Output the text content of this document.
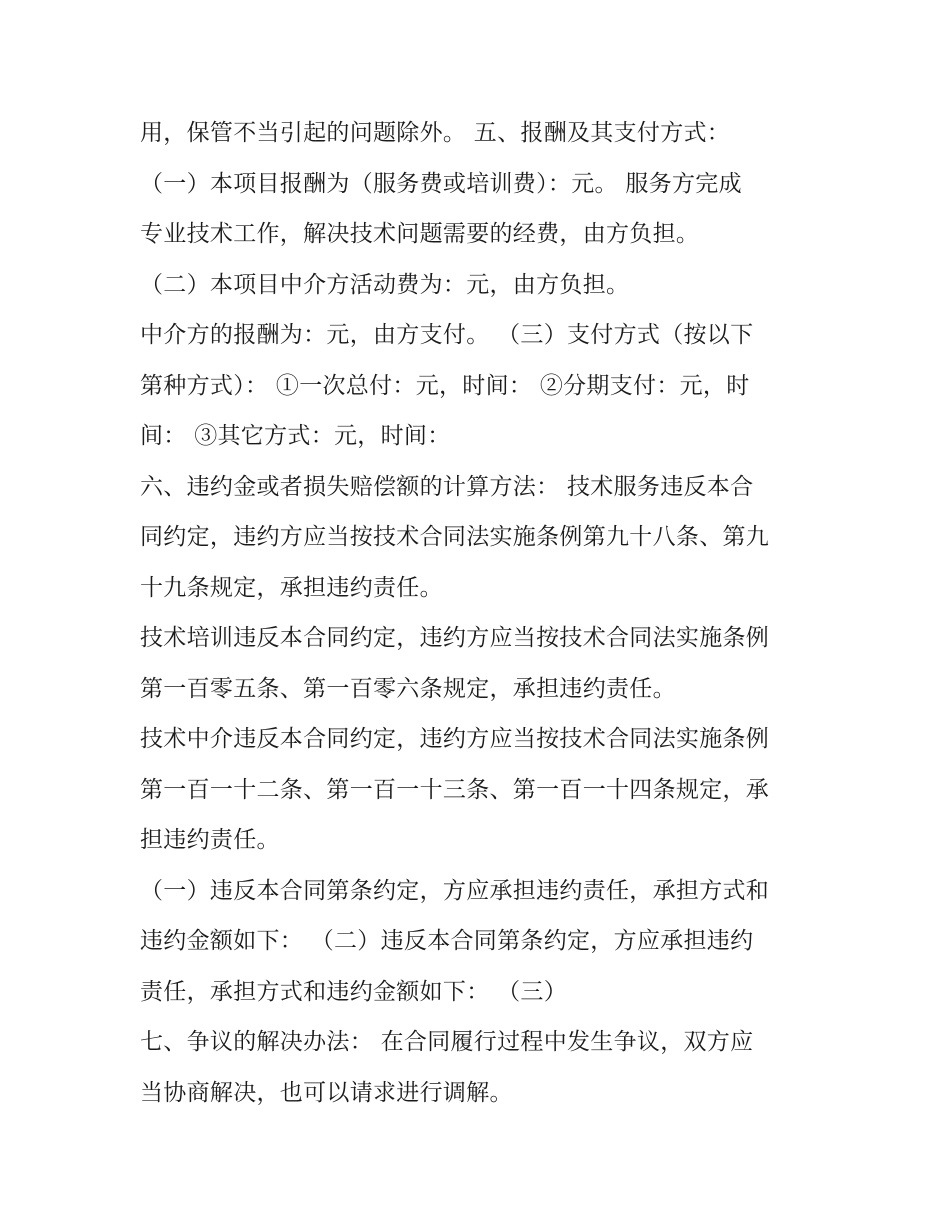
用，保管不当引起的问题除外。 五、报酬及其支付方式：
（一）本项目报酬为（服务费或培训费）：元。 服务方完成
专业技术工作，解决技术问题需要的经费，由方负担。
（二）本项目中介方活动费为：元，由方负担。
中介方的报酬为：元，由方支付。 （三）支付方式（按以下
第种方式）： ①一次总付：元，时间： ②分期支付：元，时
间： ③其它方式：元，时间：
六、违约金或者损失赔偿额的计算方法： 技术服务违反本合
同约定，违约方应当按技术合同法实施条例第九十八条、第九
十九条规定，承担违约责任。
技术培训违反本合同约定，违约方应当按技术合同法实施条例
第一百零五条、第一百零六条规定，承担违约责任。
技术中介违反本合同约定，违约方应当按技术合同法实施条例
第一百一十二条、第一百一十三条、第一百一十四条规定，承
担违约责任。
（一）违反本合同第条约定，方应承担违约责任，承担方式和
违约金额如下： （二）违反本合同第条约定，方应承担违约
责任，承担方式和违约金额如下： （三）
七、争议的解决办法： 在合同履行过程中发生争议，双方应
当协商解决，也可以请求进行调解。
